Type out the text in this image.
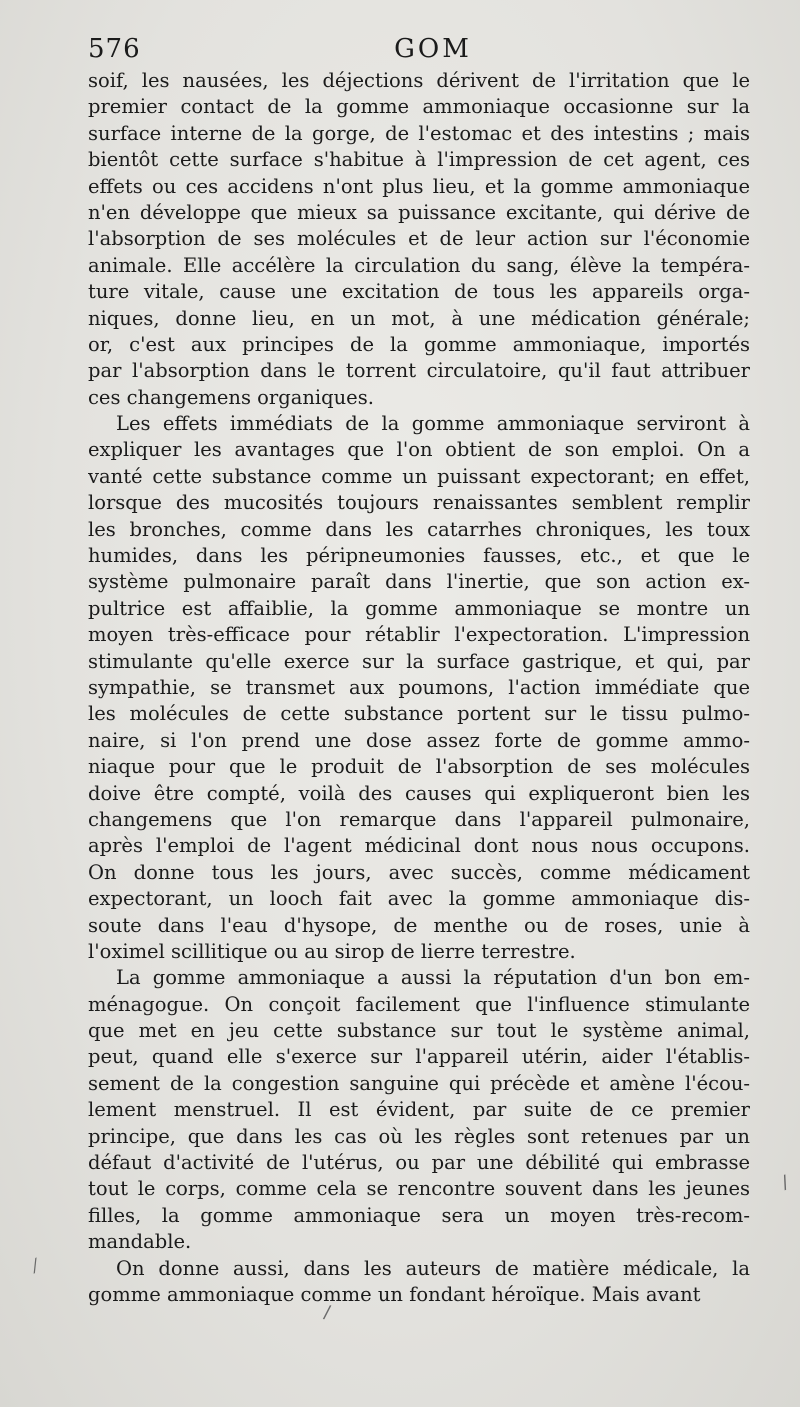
576	GOM
soif, les nausées, les déjections dérivent de l'irritation que le
premier contact de la gomme ammoniaque occasionne sur la
surface interne de la gorge, de l'estomac et des intestins ; mais
bientôt cette surface s'habitue à l'impression de cet agent, ces
effets ou ces accidens n'ont plus lieu, et la gomme ammoniaque
n'en développe que mieux sa puissance excitante, qui dérive de
l'absorption de ses molécules et de leur action sur l'économie
animale. Elle accélère la circulation du sang, élève la tempéra-
ture vitale, cause une excitation de tous les appareils orga-
niques, donne lieu, en un mot, à une médication générale;
or, c'est aux principes de la gomme ammoniaque, importés
par l'absorption dans le torrent circulatoire, qu'il faut attribuer
ces changemens organiques.
Les effets immédiats de la gomme ammoniaque serviront à
expliquer les avantages que l'on obtient de son emploi. On a
vanté cette substance comme un puissant expectorant; en effet,
lorsque des mucosités toujours renaissantes semblent remplir
les bronches, comme dans les catarrhes chroniques, les toux
humides, dans les péripneumonies fausses, etc., et que le
système pulmonaire paraît dans l'inertie, que son action ex-
pultrice est affaiblie, la gomme ammoniaque se montre un
moyen très-efficace pour rétablir l'expectoration. L'impression
stimulante qu'elle exerce sur la surface gastrique, et qui, par
sympathie, se transmet aux poumons, l'action immédiate que
les molécules de cette substance portent sur le tissu pulmo-
naire, si l'on prend une dose assez forte de gomme ammo-
niaque pour que le produit de l'absorption de ses molécules
doive être compté, voilà des causes qui expliqueront bien les
changemens que l'on remarque dans l'appareil pulmonaire,
après l'emploi de l'agent médicinal dont nous nous occupons.
On donne tous les jours, avec succès, comme médicament
expectorant, un looch fait avec la gomme ammoniaque dis-
soute dans l'eau d'hysope, de menthe ou de roses, unie à
l'oximel scillitique ou au sirop de lierre terrestre.
La gomme ammoniaque a aussi la réputation d'un bon em-
ménagogue. On conçoit facilement que l'influence stimulante
que met en jeu cette substance sur tout le système animal,
peut, quand elle s'exerce sur l'appareil utérin, aider l'établis-
sement de la congestion sanguine qui précède et amène l'écou-
lement menstruel. Il est évident, par suite de ce premier
principe, que dans les cas où les règles sont retenues par un
défaut d'activité de l'utérus, ou par une débilité qui embrasse
tout le corps, comme cela se rencontre souvent dans les jeunes
filles, la gomme ammoniaque sera un moyen très-recom-
mandable.
On donne aussi, dans les auteurs de matière médicale, la
gomme ammoniaque comme un fondant héroïque. Mais avant
⁄
/
/
